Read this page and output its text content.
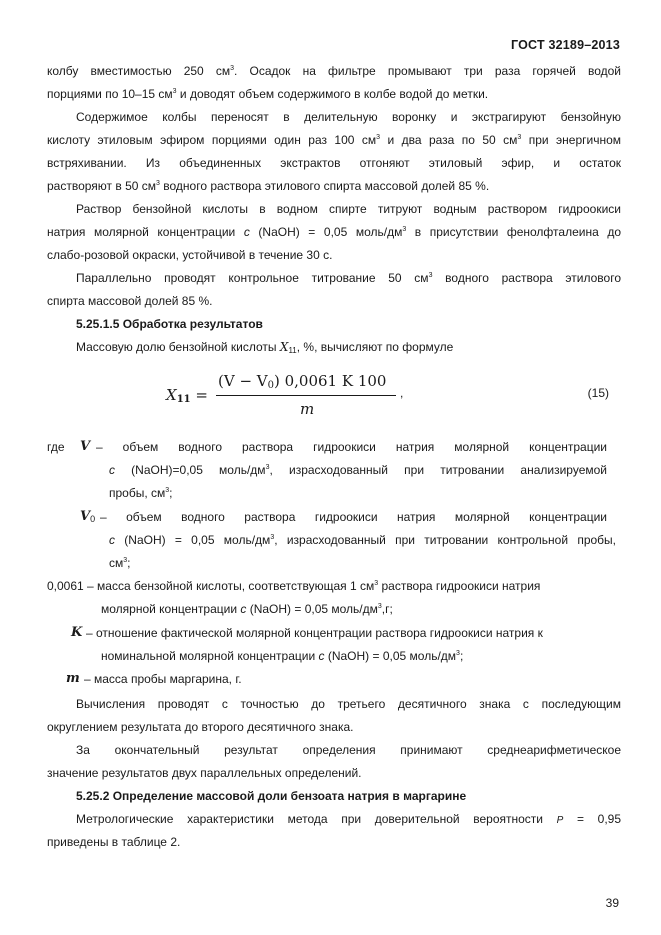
ГОСТ 32189–2013
колбу вместимостью 250 $см^3$. Осадок на фильтре промывают три раза горячей водой
порциями по 10–15 $см^3$ и доводят объем содержимого в колбе водой до метки.
Содержимое колбы переносят в делительную воронку и экстрагируют бензойную
кислоту этиловым эфиром порциями один раз 100 $см^3$ и два раза по 50 $см^3$ при энергичном
встряхивании. Из объединенных экстрактов отгоняют этиловый эфир, и остаток
растворяют в 50 $см^3$ водного раствора этилового спирта массовой долей 85 %.
Раствор бензойной кислоты в водном спирте титруют водным раствором гидроокиси
натрия молярной концентрации c (NaOH) = 0,05 моль/$дм^3$ в присутствии фенолфталеина до
слабо-розовой окраски, устойчивой в течение 30 с.
Параллельно проводят контрольное титрование 50 $см^3$ водного раствора этилового
спирта массовой долей 85 %.
5.25.1.5 Обработка результатов
Массовую долю бензойной кислоты $X_{11}$, %, вычисляют по формуле
$X_{11}$ =
$(V - V_0)$ 0,0061 K 100
m
,	(15)
где V – объем водного раствора гидроокиси натрия молярной концентрации
c (NaOH)=0,05 моль/$дм^3$, израсходованный при титровании анализируемой
пробы, $см^3$;
V0 – объем водного раствора гидроокиси натрия молярной концентрации
c (NaOH) = 0,05 моль/$дм^3$, израсходованный при титровании контрольной пробы,
$см^3$;
0,0061 – масса бензойной кислоты, соответствующая 1 $см^3$ раствора гидроокиси натрия
молярной концентрации c (NaOH) = 0,05 моль/$дм^3,г$;
K – отношение фактической молярной концентрации раствора гидроокиси натрия к
номинальной молярной концентрации c (NaOH) = 0,05 моль/$дм^3$;
m – масса пробы маргарина, г.
Вычисления проводят с точностью до третьего десятичного знака с последующим
округлением результата до второго десятичного знака.
За окончательный результат определения принимают среднеарифметическое
значение результатов двух параллельных определений.
5.25.2 Определение массовой доли бензоата натрия в маргарине
Метрологические характеристики метода при доверительной вероятности P = 0,95
приведены в таблице 2.
39
